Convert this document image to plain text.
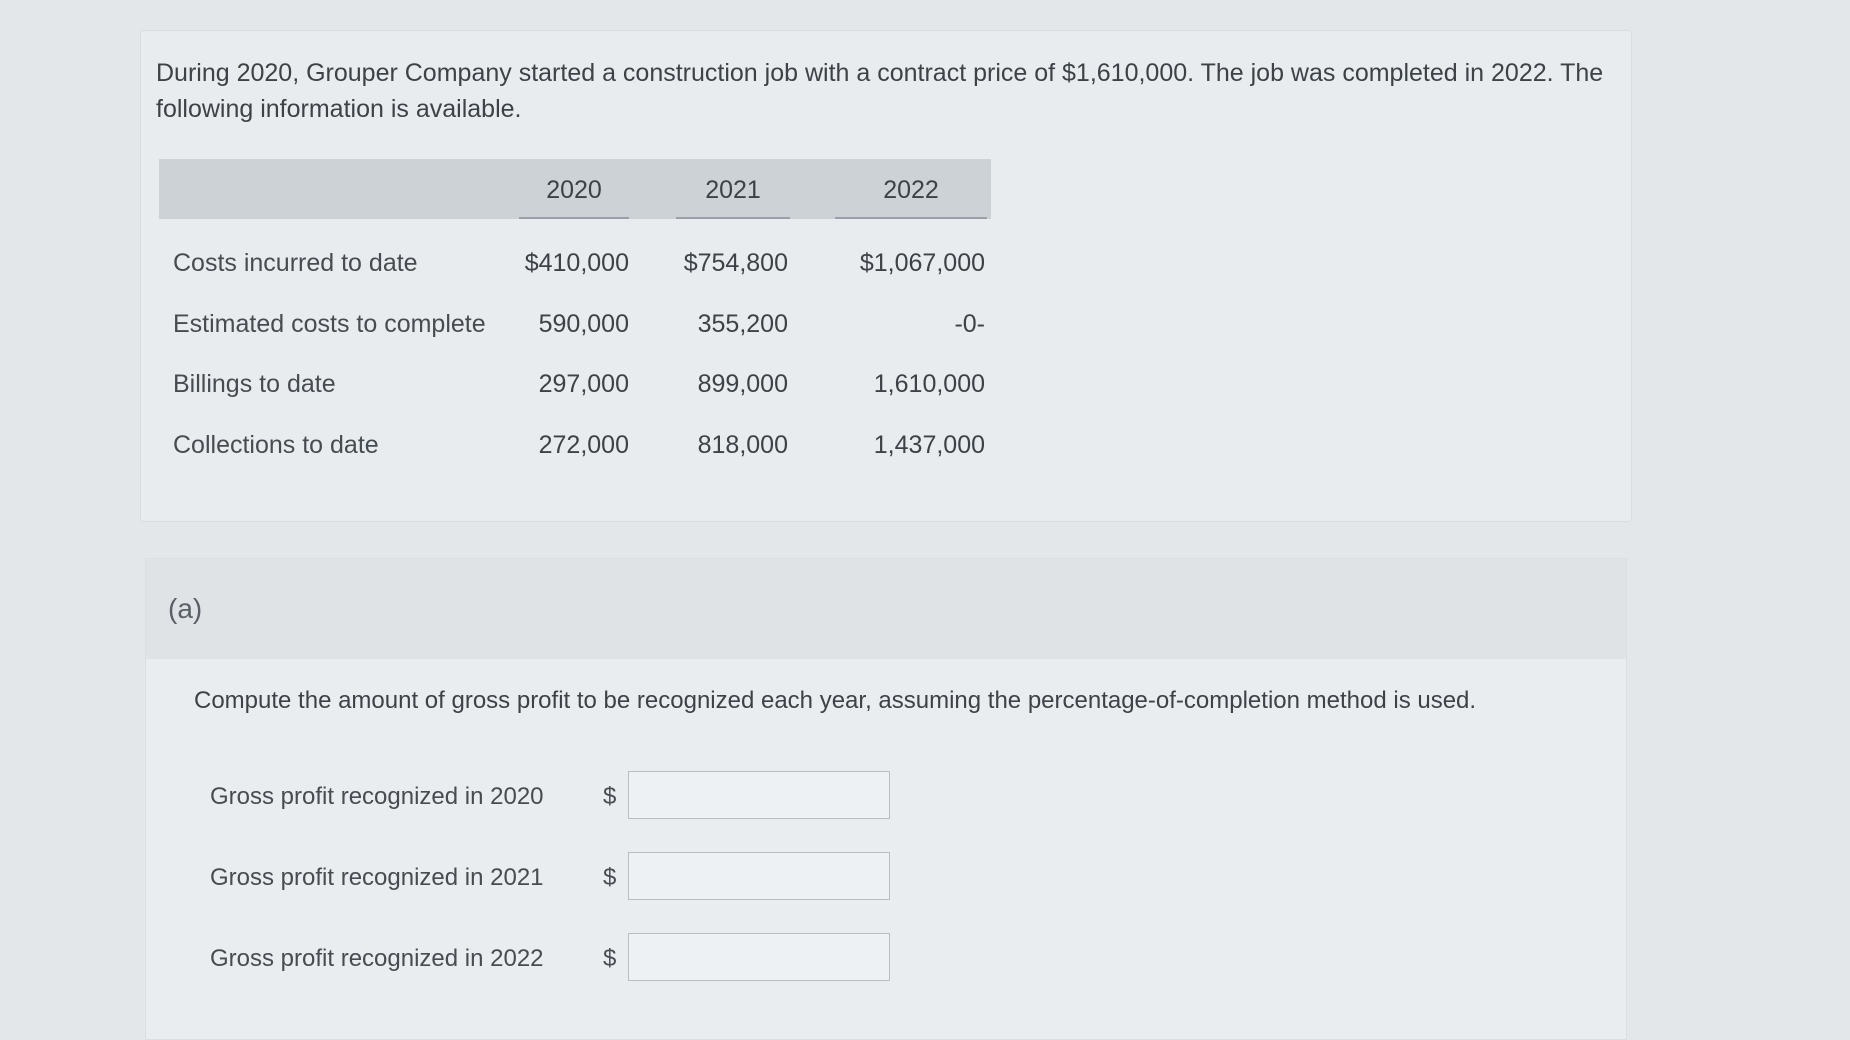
During 2020, Grouper Company started a construction job with a contract price of $1,610,000. The job was completed in 2022. The following information is available.
2020	2021	2022
Costs incurred to date	$410,000	$754,800	$1,067,000
Estimated costs to complete	590,000	355,200	-0-
Billings to date	297,000	899,000	1,610,000
Collections to date	272,000	818,000	1,437,000
(a)
Compute the amount of gross profit to be recognized each year, assuming the percentage-of-completion method is used.
Gross profit recognized in 2020 $
Gross profit recognized in 2021 $
Gross profit recognized in 2022 $
